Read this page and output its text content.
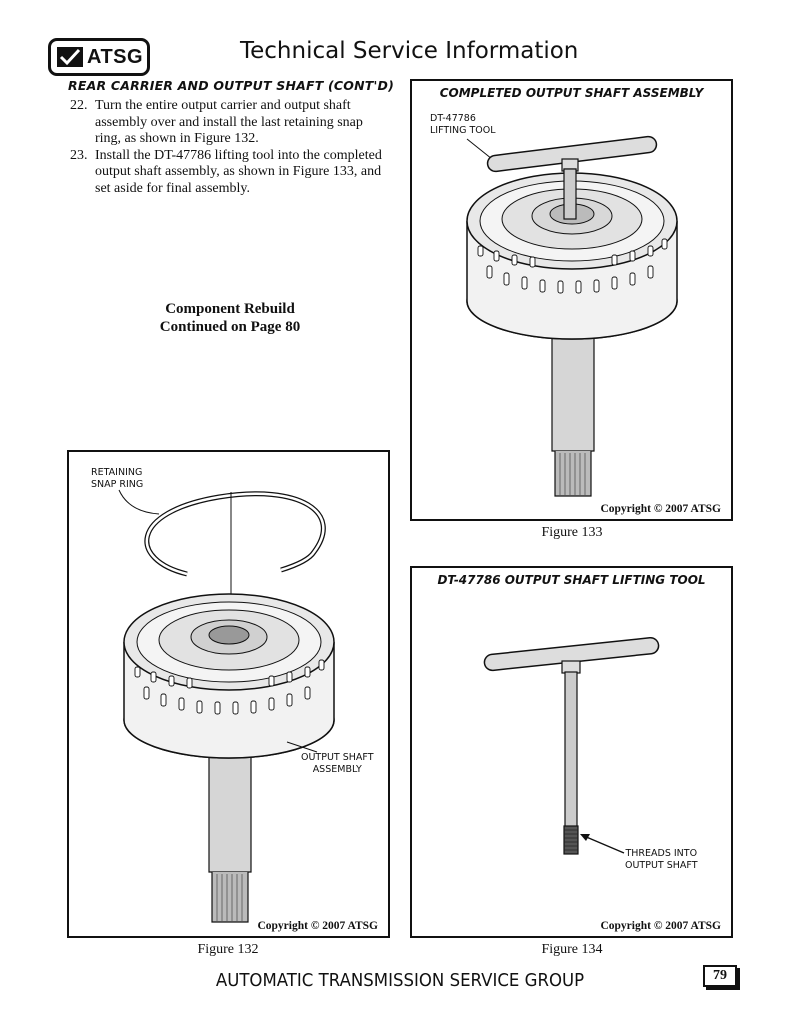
ATSG	Technical Service Information
REAR CARRIER AND OUTPUT SHAFT (CONT'D)
22. Turn the entire output carrier and output shaft assembly over and install the last retaining snap ring, as shown in Figure 132.
23. Install the DT-47786 lifting tool into the completed output shaft assembly, as shown in Figure 133, and set aside for final assembly.
Component Rebuild
Continued on Page 80
COMPLETED OUTPUT SHAFT ASSEMBLY
DT-47786
LIFTING TOOL
Copyright © 2007 ATSG
Figure 133
RETAINING
SNAP RING
OUTPUT SHAFT
ASSEMBLY
Copyright © 2007 ATSG
Figure 132
DT-47786 OUTPUT SHAFT LIFTING TOOL
THREADS INTO
OUTPUT SHAFT
Copyright © 2007 ATSG
Figure 134
AUTOMATIC TRANSMISSION SERVICE GROUP	79
